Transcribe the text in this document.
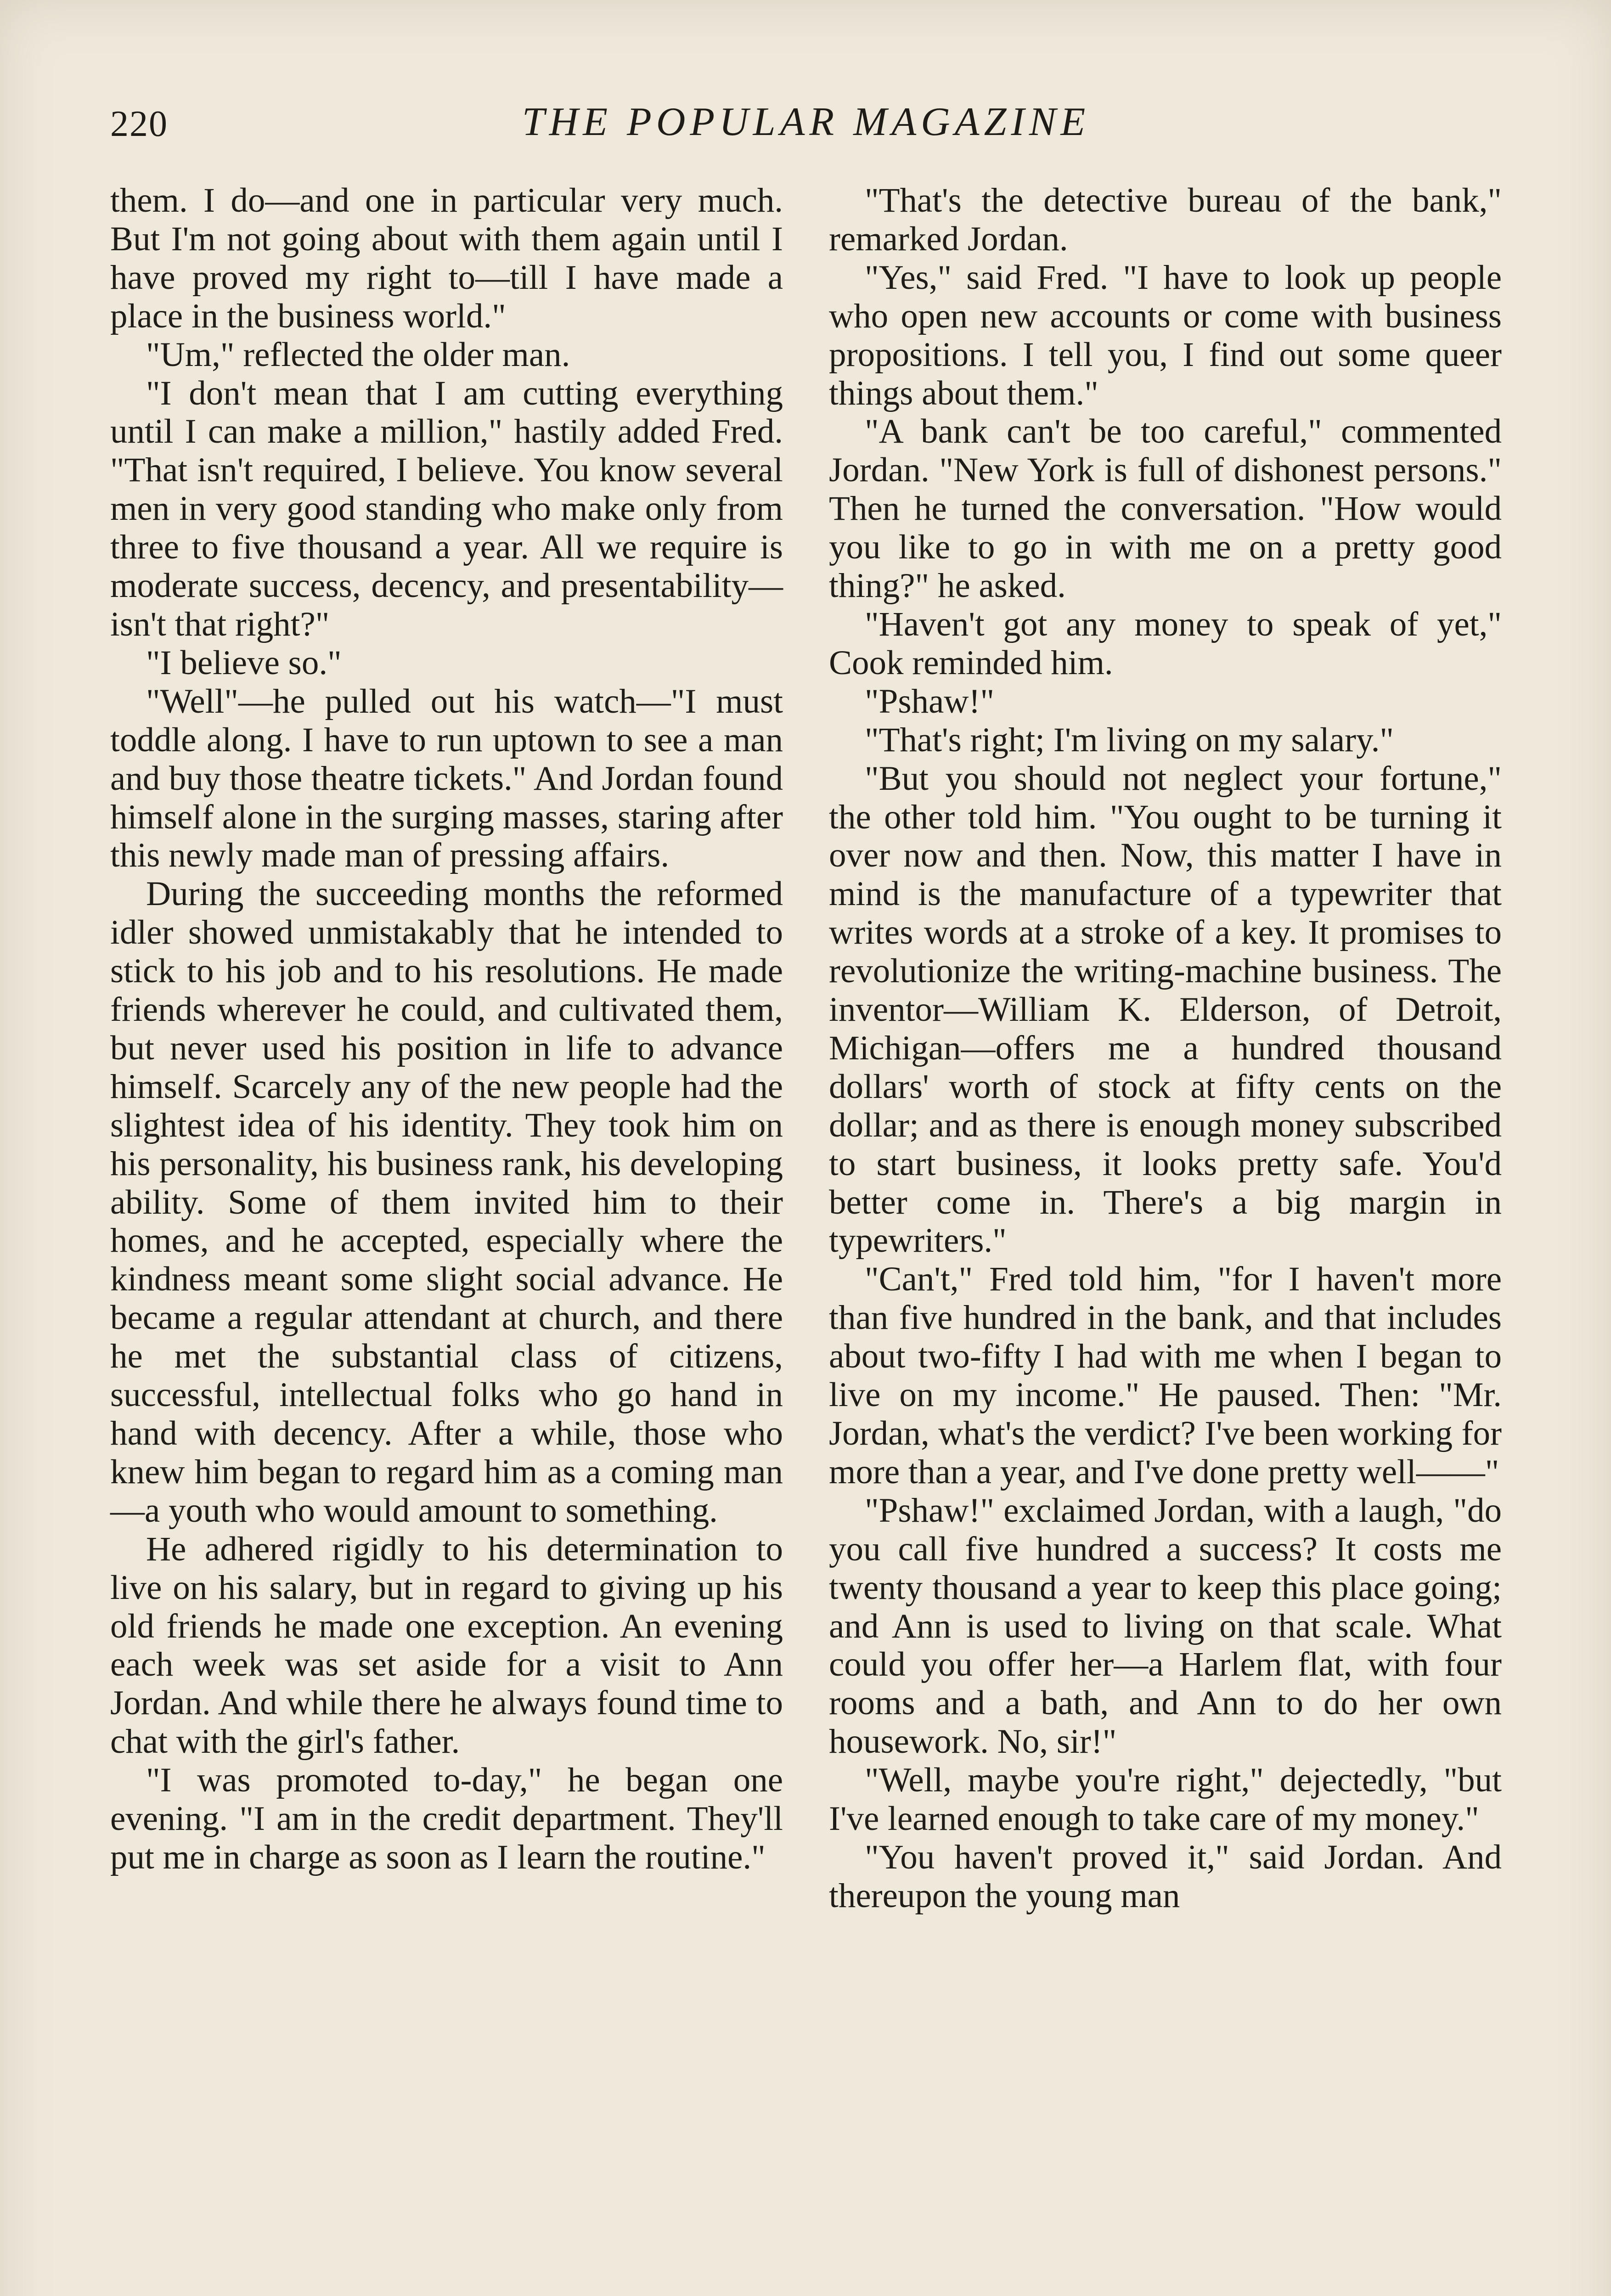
220	THE POPULAR MAGAZINE

them. I do—and one in particular very much. But I'm not going about with them again until I have proved my right to—till I have made a place in the business world."

"Um," reflected the older man.

"I don't mean that I am cutting everything until I can make a million," hastily added Fred. "That isn't required, I believe. You know several men in very good standing who make only from three to five thousand a year. All we require is moderate success, decency, and presentability—isn't that right?"

"I believe so."

"Well"—he pulled out his watch—"I must toddle along. I have to run uptown to see a man and buy those theatre tickets." And Jordan found himself alone in the surging masses, staring after this newly made man of pressing affairs.

During the succeeding months the reformed idler showed unmistakably that he intended to stick to his job and to his resolutions. He made friends wherever he could, and cultivated them, but never used his position in life to advance himself. Scarcely any of the new people had the slightest idea of his identity. They took him on his personality, his business rank, his developing ability. Some of them invited him to their homes, and he accepted, especially where the kindness meant some slight social advance. He became a regular attendant at church, and there he met the substantial class of citizens, successful, intellectual folks who go hand in hand with decency. After a while, those who knew him began to regard him as a coming man—a youth who would amount to something.

He adhered rigidly to his determination to live on his salary, but in regard to giving up his old friends he made one exception. An evening each week was set aside for a visit to Ann Jordan. And while there he always found time to chat with the girl's father.

"I was promoted to-day," he began one evening. "I am in the credit department. They'll put me in charge as soon as I learn the routine."

"That's the detective bureau of the bank," remarked Jordan.

"Yes," said Fred. "I have to look up people who open new accounts or come with business propositions. I tell you, I find out some queer things about them."

"A bank can't be too careful," commented Jordan. "New York is full of dishonest persons." Then he turned the conversation. "How would you like to go in with me on a pretty good thing?" he asked.

"Haven't got any money to speak of yet," Cook reminded him.

"Pshaw!"

"That's right; I'm living on my salary."

"But you should not neglect your fortune," the other told him. "You ought to be turning it over now and then. Now, this matter I have in mind is the manufacture of a typewriter that writes words at a stroke of a key. It promises to revolutionize the writing-machine business. The inventor—William K. Elderson, of Detroit, Michigan—offers me a hundred thousand dollars' worth of stock at fifty cents on the dollar; and as there is enough money subscribed to start business, it looks pretty safe. You'd better come in. There's a big margin in typewriters."

"Can't," Fred told him, "for I haven't more than five hundred in the bank, and that includes about two-fifty I had with me when I began to live on my income." He paused. Then: "Mr. Jordan, what's the verdict? I've been working for more than a year, and I've done pretty well——"

"Pshaw!" exclaimed Jordan, with a laugh, "do you call five hundred a success? It costs me twenty thousand a year to keep this place going; and Ann is used to living on that scale. What could you offer her—a Harlem flat, with four rooms and a bath, and Ann to do her own housework. No, sir!"

"Well, maybe you're right," dejectedly, "but I've learned enough to take care of my money."

"You haven't proved it," said Jordan. And thereupon the young man
